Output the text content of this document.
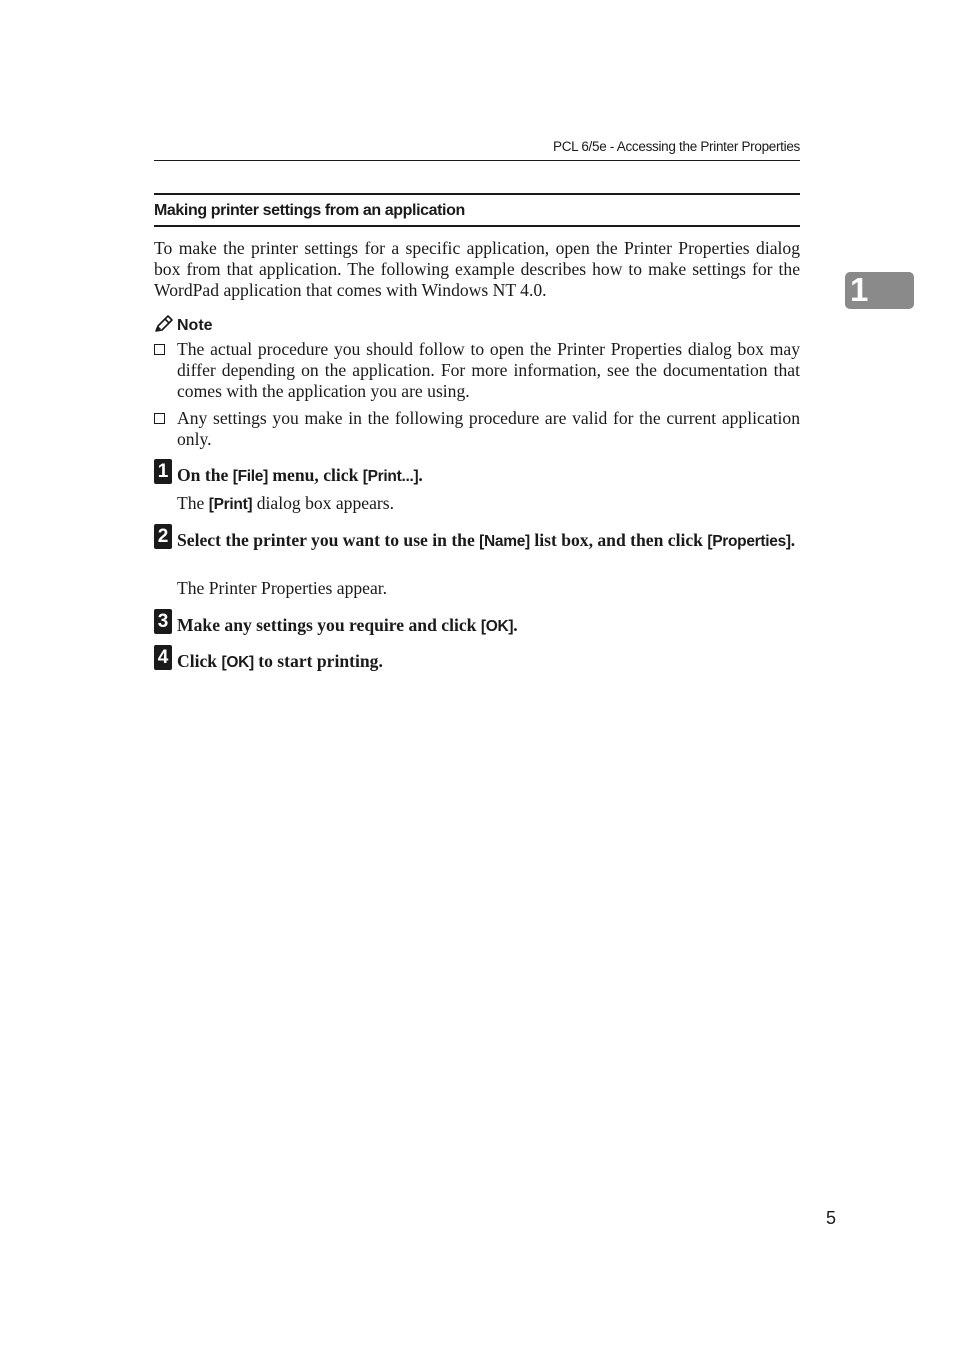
PCL 6/5e - Accessing the Printer Properties
Making printer settings from an application
To make the printer settings for a specific application, open the Printer Properties dialog box from that application. The following example describes how to make settings for the WordPad application that comes with Windows NT 4.0.	1
Note
The actual procedure you should follow to open the Printer Properties dialog box may differ depending on the application. For more information, see the documentation that comes with the application you are using.
Any settings you make in the following procedure are valid for the current application only.
1 On the [File] menu, click [Print...].
The [Print] dialog box appears.
2 Select the printer you want to use in the [Name] list box, and then click [Properties].
The Printer Properties appear.
3 Make any settings you require and click [OK].
4 Click [OK] to start printing.
5
